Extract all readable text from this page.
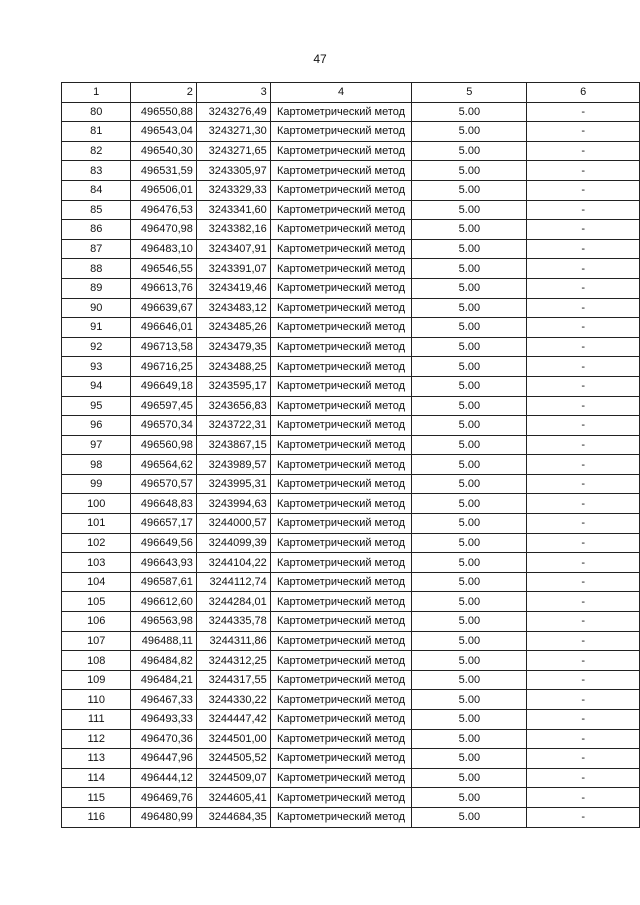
47
1	2	3	4	5	6
80	496550,88	3243276,49	Картометрический метод	5.00	-
81	496543,04	3243271,30	Картометрический метод	5.00	-
82	496540,30	3243271,65	Картометрический метод	5.00	-
83	496531,59	3243305,97	Картометрический метод	5.00	-
84	496506,01	3243329,33	Картометрический метод	5.00	-
85	496476,53	3243341,60	Картометрический метод	5.00	-
86	496470,98	3243382,16	Картометрический метод	5.00	-
87	496483,10	3243407,91	Картометрический метод	5.00	-
88	496546,55	3243391,07	Картометрический метод	5.00	-
89	496613,76	3243419,46	Картометрический метод	5.00	-
90	496639,67	3243483,12	Картометрический метод	5.00	-
91	496646,01	3243485,26	Картометрический метод	5.00	-
92	496713,58	3243479,35	Картометрический метод	5.00	-
93	496716,25	3243488,25	Картометрический метод	5.00	-
94	496649,18	3243595,17	Картометрический метод	5.00	-
95	496597,45	3243656,83	Картометрический метод	5.00	-
96	496570,34	3243722,31	Картометрический метод	5.00	-
97	496560,98	3243867,15	Картометрический метод	5.00	-
98	496564,62	3243989,57	Картометрический метод	5.00	-
99	496570,57	3243995,31	Картометрический метод	5.00	-
100	496648,83	3243994,63	Картометрический метод	5.00	-
101	496657,17	3244000,57	Картометрический метод	5.00	-
102	496649,56	3244099,39	Картометрический метод	5.00	-
103	496643,93	3244104,22	Картометрический метод	5.00	-
104	496587,61	3244112,74	Картометрический метод	5.00	-
105	496612,60	3244284,01	Картометрический метод	5.00	-
106	496563,98	3244335,78	Картометрический метод	5.00	-
107	496488,11	3244311,86	Картометрический метод	5.00	-
108	496484,82	3244312,25	Картометрический метод	5.00	-
109	496484,21	3244317,55	Картометрический метод	5.00	-
110	496467,33	3244330,22	Картометрический метод	5.00	-
111	496493,33	3244447,42	Картометрический метод	5.00	-
112	496470,36	3244501,00	Картометрический метод	5.00	-
113	496447,96	3244505,52	Картометрический метод	5.00	-
114	496444,12	3244509,07	Картометрический метод	5.00	-
115	496469,76	3244605,41	Картометрический метод	5.00	-
116	496480,99	3244684,35	Картометрический метод	5.00	-
